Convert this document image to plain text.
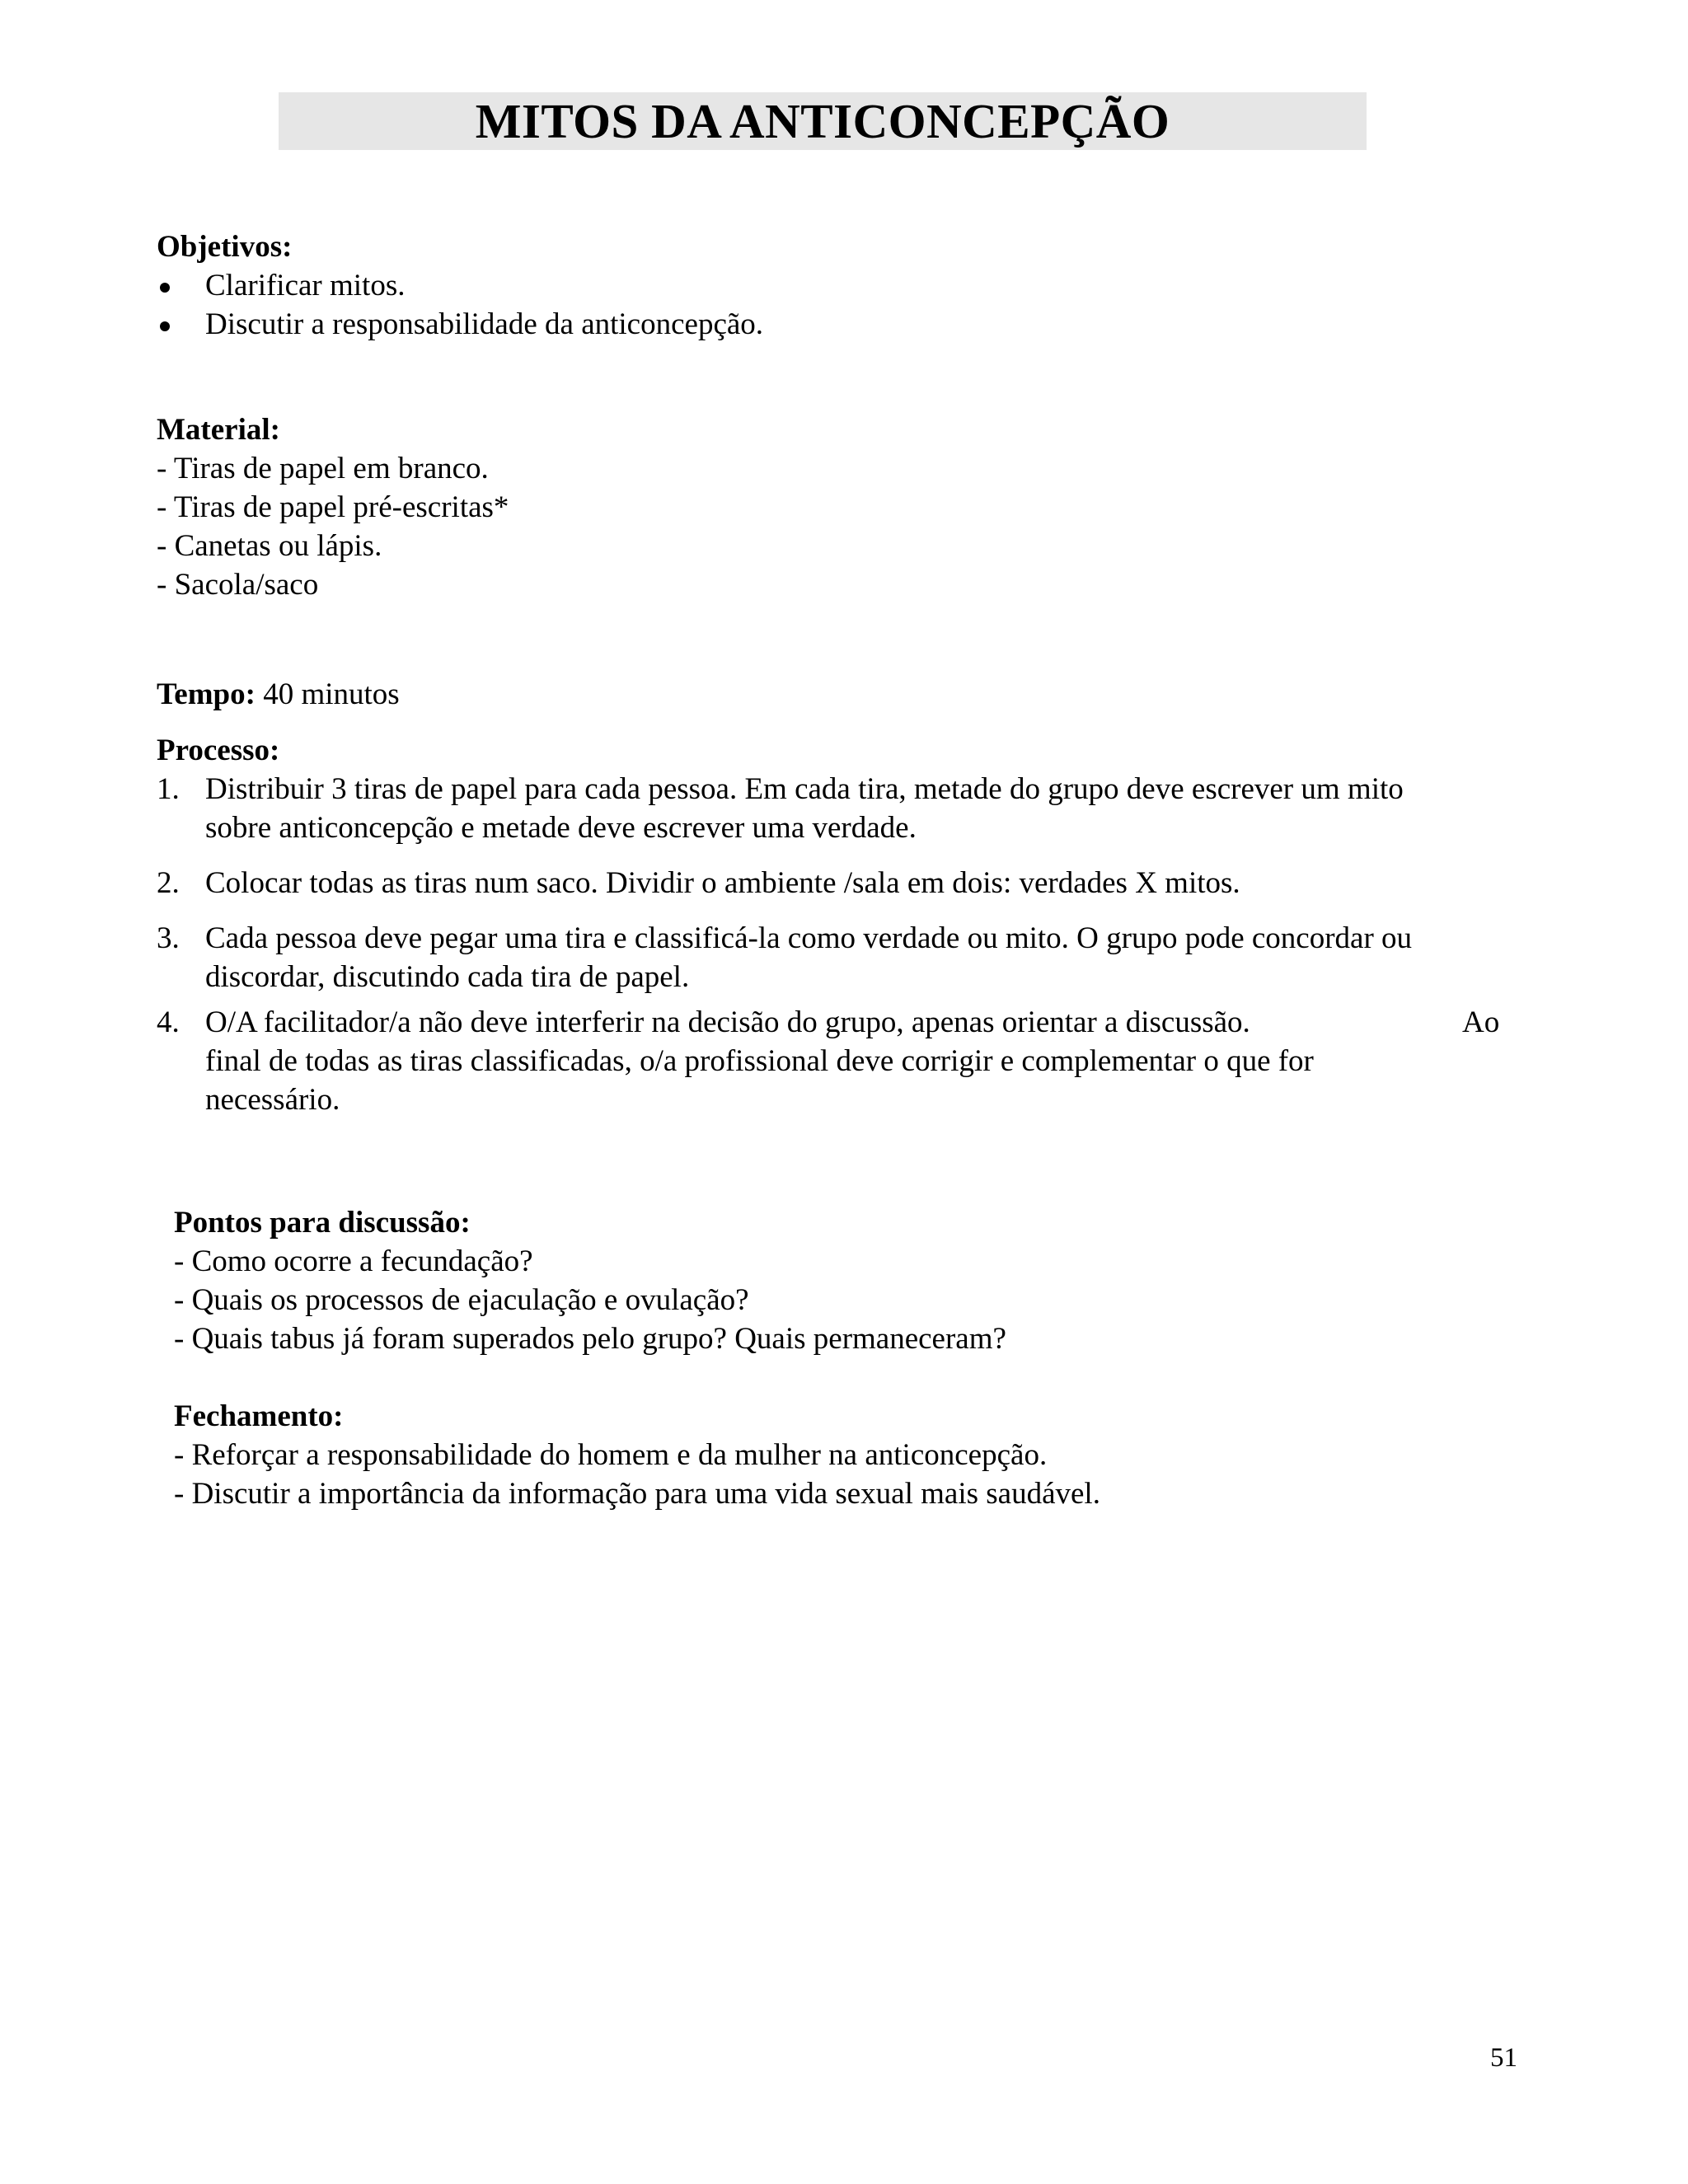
MITOS DA ANTICONCEPÇÃO

Objetivos:

Clarificar mitos.
Discutir a responsabilidade da anticoncepção.

Material:

- Tiras de papel em branco.

- Tiras de papel pré-escritas*

- Canetas ou lápis.

- Sacola/saco

Tempo: 40 minutos

Processo:

1. Distribuir 3 tiras de papel para cada pessoa. Em cada tira, metade do grupo deve escrever um mito

sobre anticoncepção e metade deve escrever uma verdade.

2. Colocar todas as tiras num saco. Dividir o ambiente /sala em dois: verdades X mitos.

3. Cada pessoa deve pegar uma tira e classificá-la como verdade ou mito. O grupo pode concordar ou

discordar, discutindo cada tira de papel.

4. O/A facilitador/a não deve interferir na decisão do grupo, apenas orientar a discussão.	Ao

final de todas as tiras classificadas, o/a profissional deve corrigir e complementar o que for

necessário.

Pontos para discussão:

- Como ocorre a fecundação?

- Quais os processos de ejaculação e ovulação?

- Quais tabus já foram superados pelo grupo? Quais permaneceram?

Fechamento:

- Reforçar a responsabilidade do homem e da mulher na anticoncepção.

- Discutir a importância da informação para uma vida sexual mais saudável.

51
